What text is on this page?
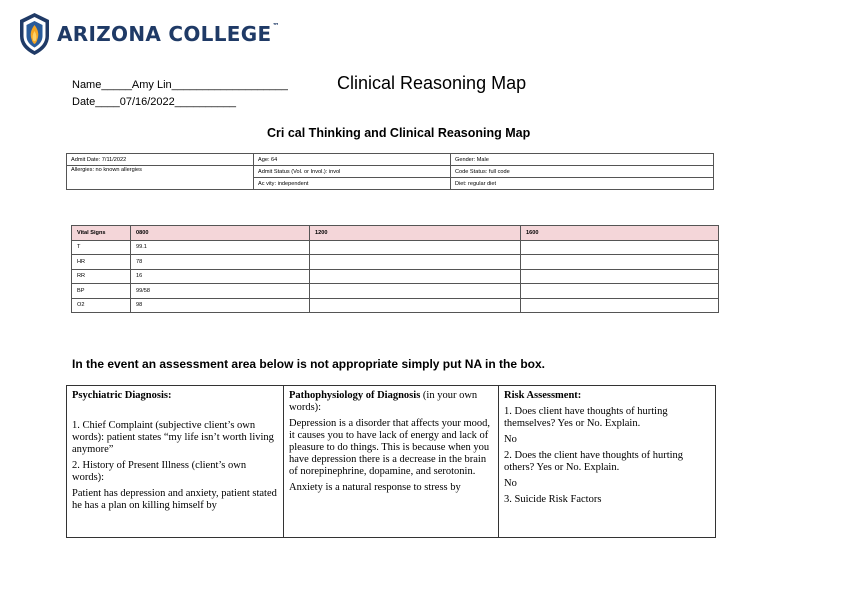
ARIZONA COLLEGE™
Name_____Amy Lin___________________
Date____07/16/2022__________
Clinical Reasoning Map
Cri cal Thinking and Clinical Reasoning Map
Admit Date: 7/11/2022	Age: 64	Gender: Male
Allergies: no known allergies	Admit Status (Vol. or Invol.): invol	Code Status: full code
	Ac vity: independent	Diet: regular diet
Vital Signs	0800	1200	1600
T	99.1		
HR	78		
RR	16		
BP	99/58		
O2	98		
In the event an assessment area below is not appropriate simply put NA in the box.

Psychiatric Diagnosis:

1. Chief Complaint (subjective client’s own words): patient states “my life isn’t worth living anymore”

2. History of Present Illness (client’s own words):

Patient has depression and anxiety, patient stated he has a plan on killing himself by

Pathophysiology of Diagnosis (in your own words):

Depression is a disorder that affects your mood, it causes you to have lack of energy and lack of pleasure to do things. This is because when you have depression there is a decrease in the brain of norepinephrine, dopamine, and serotonin.

Anxiety is a natural response to stress by

Risk Assessment:

1. Does client have thoughts of hurting themselves? Yes or No. Explain.

No

2. Does the client have thoughts of hurting others? Yes or No. Explain.

No

3. Suicide Risk Factors
